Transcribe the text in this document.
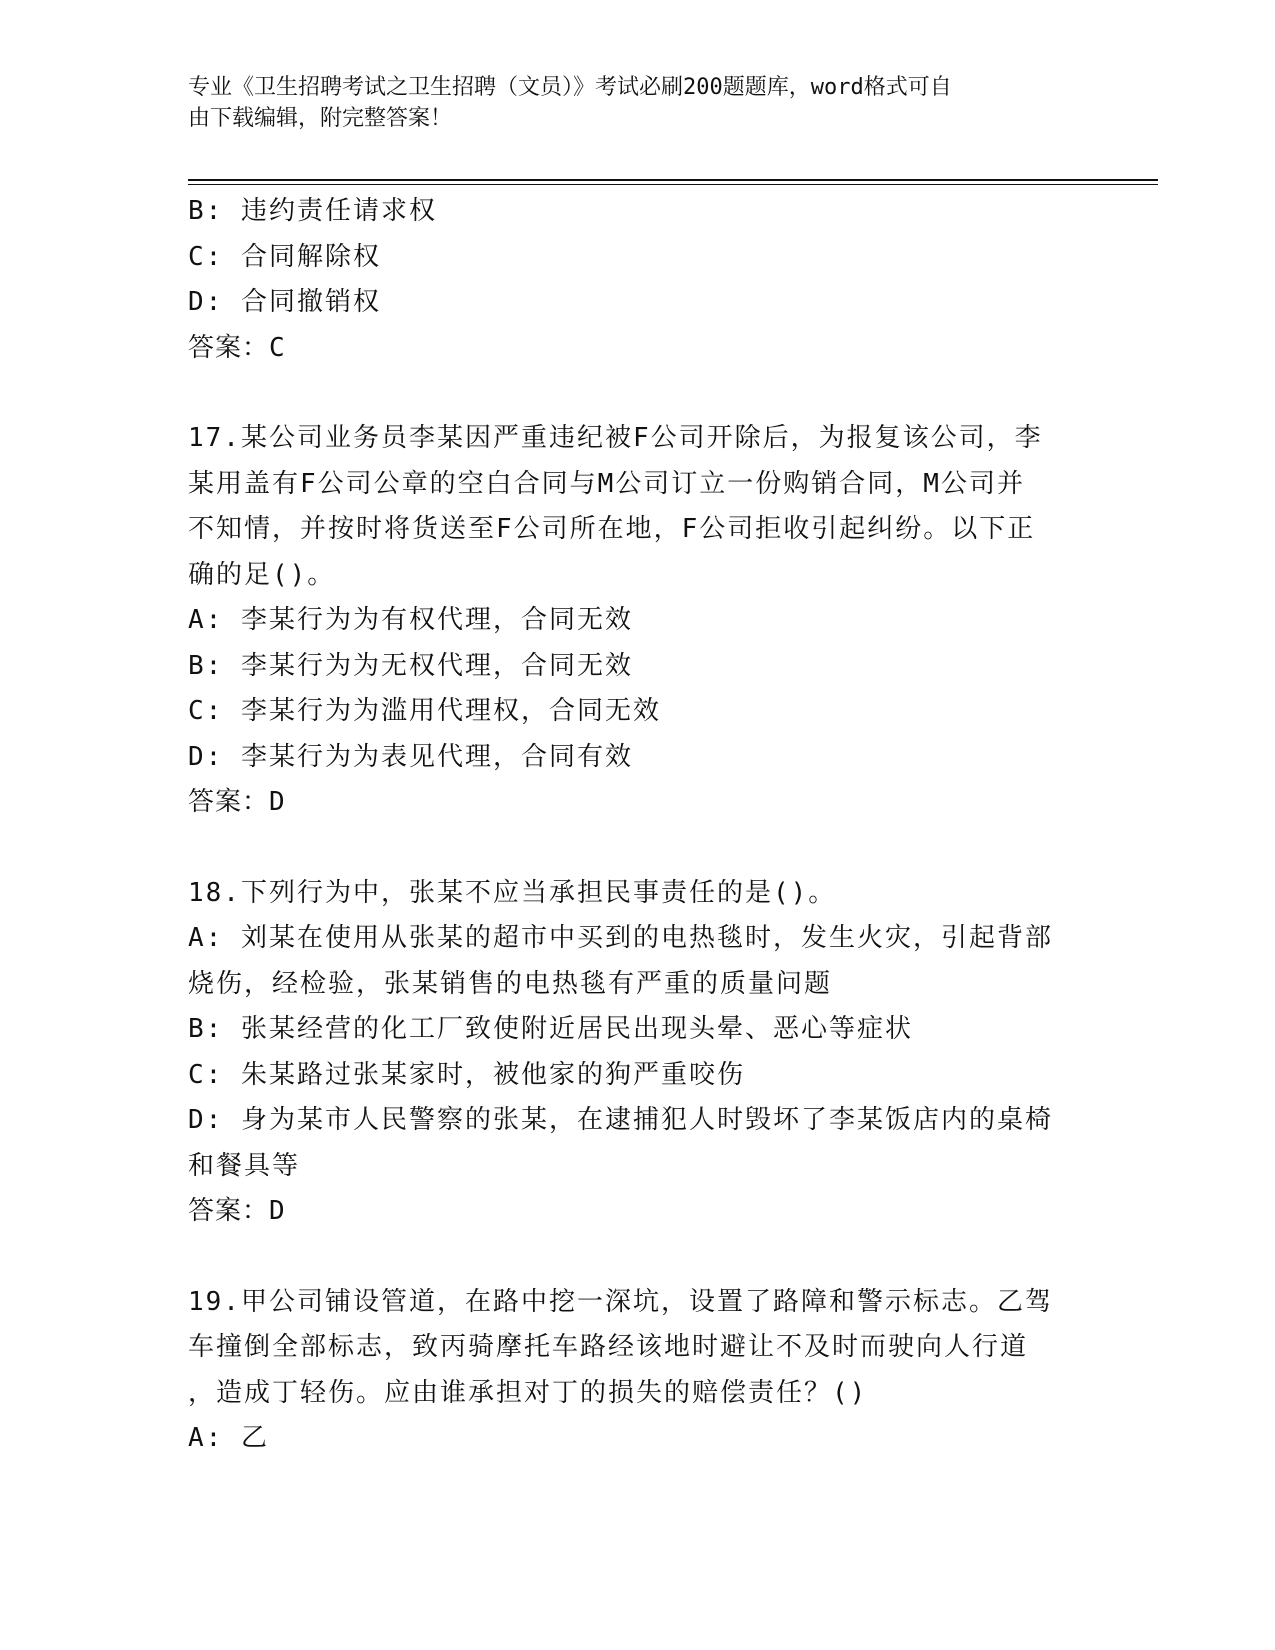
专业《卫生招聘考试之卫生招聘（文员）》考试必刷200题题库，word格式可自
由下载编辑，附完整答案！
B: 违约责任请求权
C: 合同解除权
D: 合同撤销权
答案：C
17.某公司业务员李某因严重违纪被F公司开除后，为报复该公司，李
某用盖有F公司公章的空白合同与M公司订立一份购销合同，M公司并
不知情，并按时将货送至F公司所在地，F公司拒收引起纠纷。以下正
确的足()。
A: 李某行为为有权代理，合同无效
B: 李某行为为无权代理，合同无效
C: 李某行为为滥用代理权，合同无效
D: 李某行为为表见代理，合同有效
答案：D
18.下列行为中，张某不应当承担民事责任的是()。
A: 刘某在使用从张某的超市中买到的电热毯时，发生火灾，引起背部
烧伤，经检验，张某销售的电热毯有严重的质量问题
B: 张某经营的化工厂致使附近居民出现头晕、恶心等症状
C: 朱某路过张某家时，被他家的狗严重咬伤
D: 身为某市人民警察的张某，在逮捕犯人时毁坏了李某饭店内的桌椅
和餐具等
答案：D
19.甲公司铺设管道，在路中挖一深坑，设置了路障和警示标志。乙驾
车撞倒全部标志，致丙骑摩托车路经该地时避让不及时而驶向人行道
，造成丁轻伤。应由谁承担对丁的损失的赔偿责任？()
A: 乙
